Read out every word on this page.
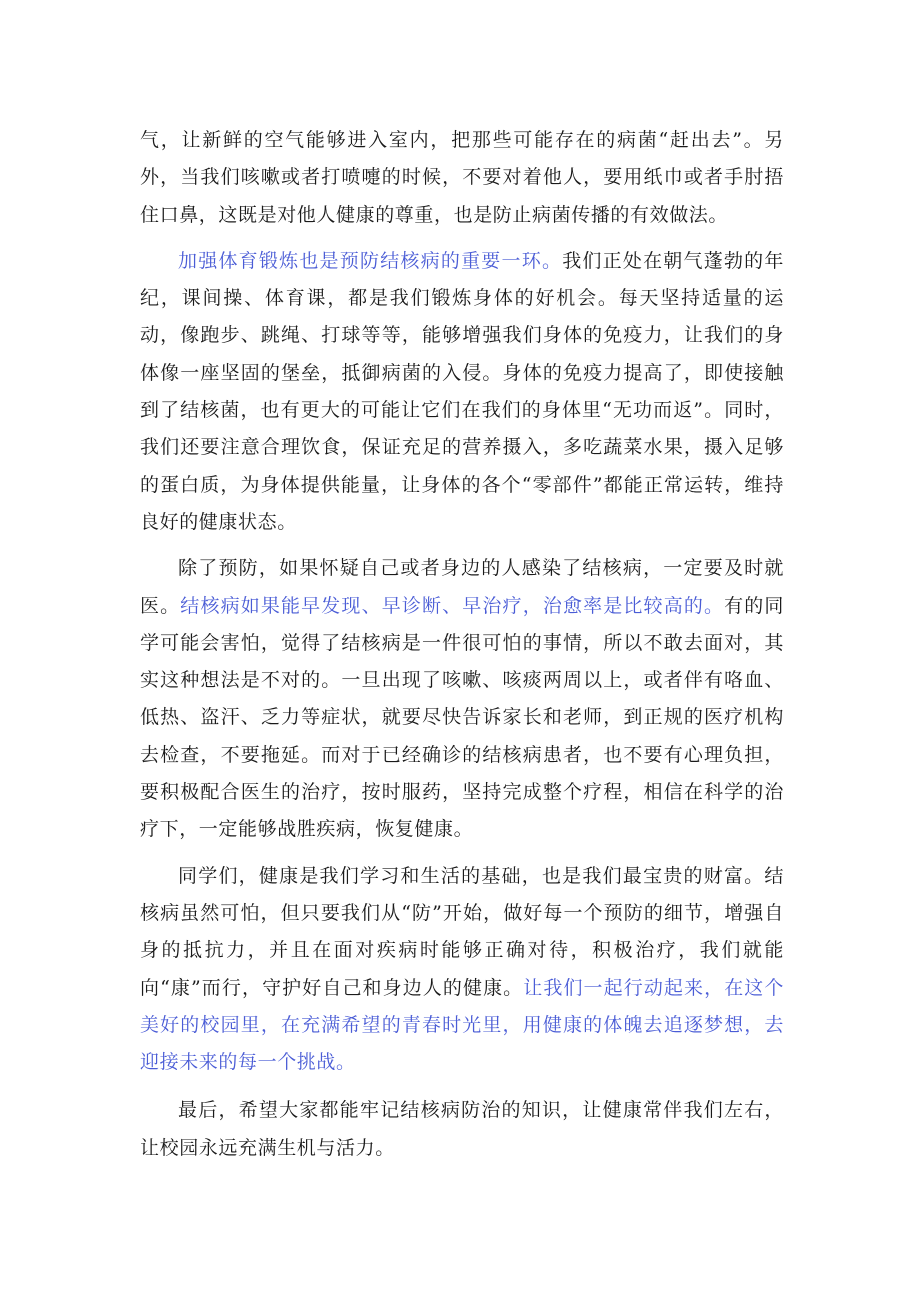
气，让新鲜的空气能够进入室内，把那些可能存在的病菌“赶出去”。另外，当我们咳嗽或者打喷嚏的时候，不要对着他人，要用纸巾或者手肘捂住口鼻，这既是对他人健康的尊重，也是防止病菌传播的有效做法。

加强体育锻炼也是预防结核病的重要一环。我们正处在朝气蓬勃的年纪，课间操、体育课，都是我们锻炼身体的好机会。每天坚持适量的运动，像跑步、跳绳、打球等等，能够增强我们身体的免疫力，让我们的身体像一座坚固的堡垒，抵御病菌的入侵。身体的免疫力提高了，即使接触到了结核菌，也有更大的可能让它们在我们的身体里“无功而返”。同时，我们还要注意合理饮食，保证充足的营养摄入，多吃蔬菜水果，摄入足够的蛋白质，为身体提供能量，让身体的各个“零部件”都能正常运转，维持良好的健康状态。

除了预防，如果怀疑自己或者身边的人感染了结核病，一定要及时就医。结核病如果能早发现、早诊断、早治疗，治愈率是比较高的。有的同学可能会害怕，觉得了结核病是一件很可怕的事情，所以不敢去面对，其实这种想法是不对的。一旦出现了咳嗽、咳痰两周以上，或者伴有咯血、低热、盗汗、乏力等症状，就要尽快告诉家长和老师，到正规的医疗机构去检查，不要拖延。而对于已经确诊的结核病患者，也不要有心理负担，要积极配合医生的治疗，按时服药，坚持完成整个疗程，相信在科学的治疗下，一定能够战胜疾病，恢复健康。

同学们，健康是我们学习和生活的基础，也是我们最宝贵的财富。结核病虽然可怕，但只要我们从“防”开始，做好每一个预防的细节，增强自身的抵抗力，并且在面对疾病时能够正确对待，积极治疗，我们就能向“康”而行，守护好自己和身边人的健康。让我们一起行动起来，在这个美好的校园里，在充满希望的青春时光里，用健康的体魄去追逐梦想，去迎接未来的每一个挑战。

最后，希望大家都能牢记结核病防治的知识，让健康常伴我们左右，让校园永远充满生机与活力。
